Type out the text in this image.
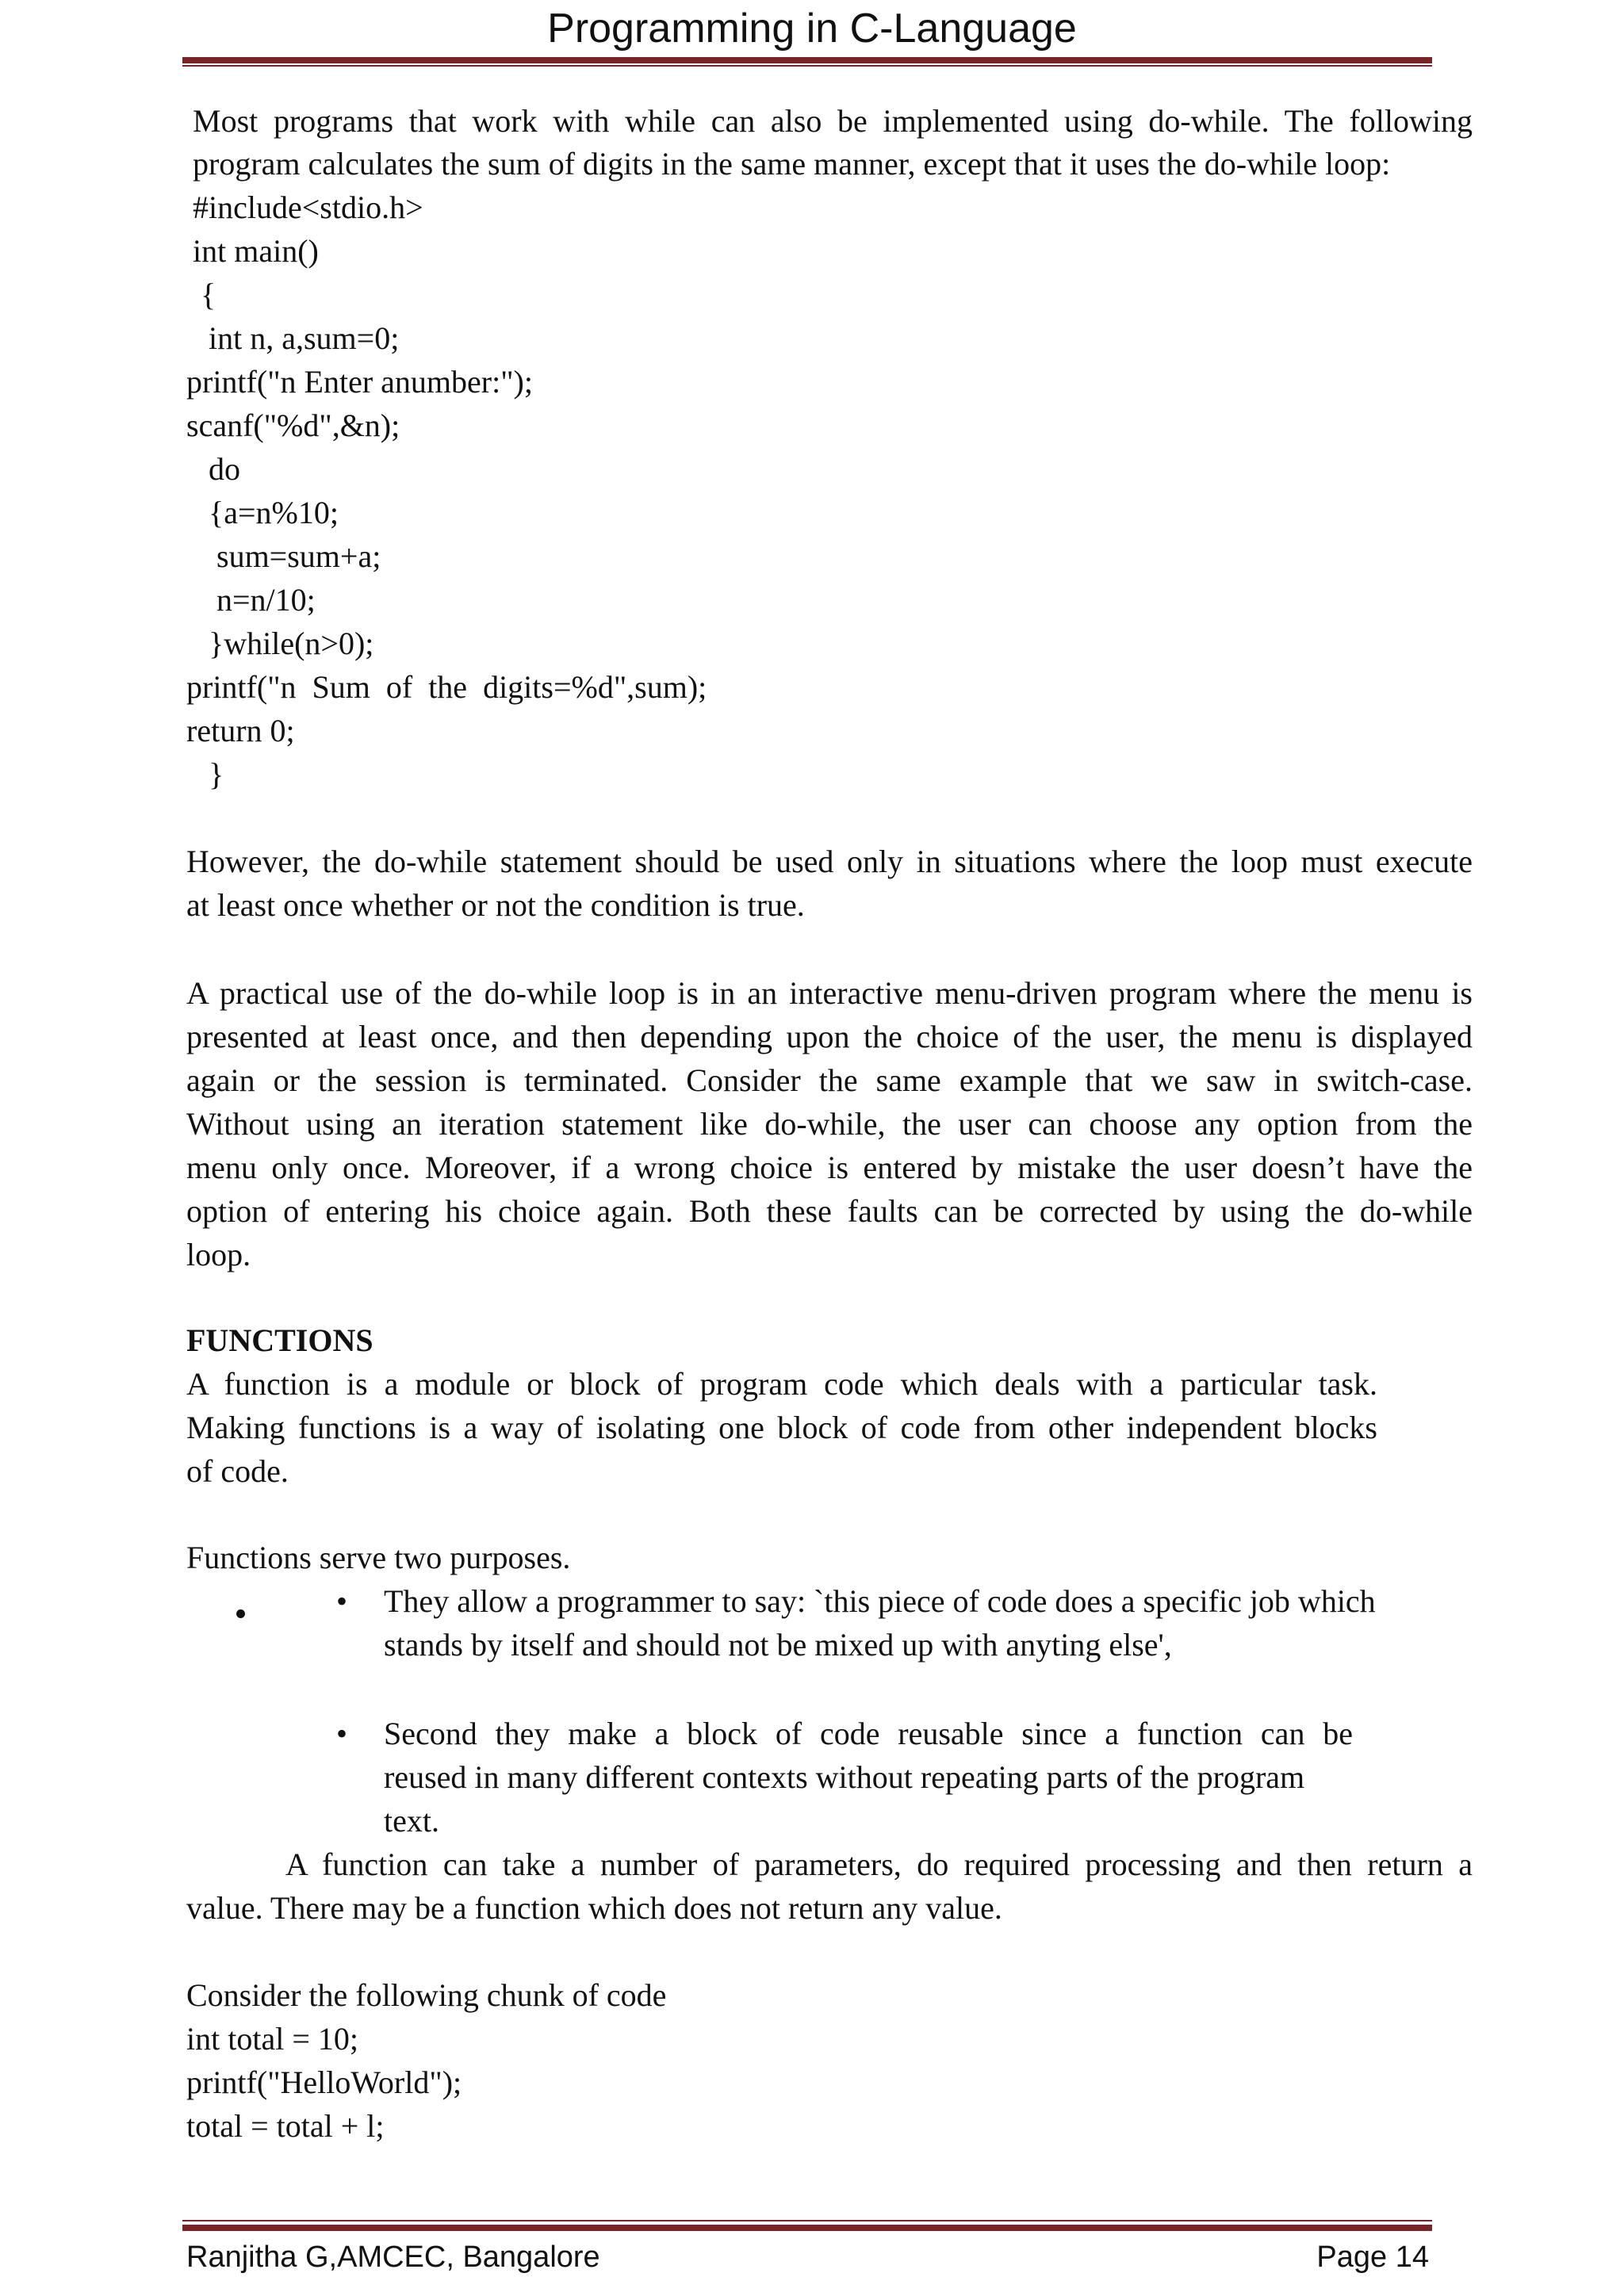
Programming in C-Language
Most programs that work with while can also be implemented using do-while. The following
program calculates the sum of digits in the same manner, except that it uses the do-while loop:
#include<stdio.h>
int main()
{
int n, a,sum=0;
printf("n Enter anumber:");
scanf("%d",&n);
do
{a=n%10;
sum=sum+a;
n=n/10;
}while(n>0);
printf("n  Sum  of  the  digits=%d",sum);
return 0;
}
However, the do-while statement should be used only in situations where the loop must execute
at least once whether or not the condition is true.
A practical use of the do-while loop is in an interactive menu-driven program where the menu is
presented at least once, and then depending upon the choice of the user, the menu is displayed
again or the session is terminated. Consider the same example that we saw in switch-case.
Without using an iteration statement like do-while, the user can choose any option from the
menu only once. Moreover, if a wrong choice is entered by mistake the user doesn’t have the
option of entering his choice again. Both these faults can be corrected by using the do-while
loop.
FUNCTIONS
A function is a module or block of program code which deals with a particular task.
Making functions is a way of isolating one block of code from other independent blocks
of code.
Functions serve two purposes.
• They allow a programmer to say: `this piece of code does a specific job which
stands by itself and should not be mixed up with anyting else',
• Second they make a block of code reusable since a function can be
reused in many different contexts without repeating parts of the program
text.
A function can take a number of parameters, do required processing and then return a
value. There may be a function which does not return any value.
Consider the following chunk of code
int total = 10;
printf("HelloWorld");
total = total + l;
Ranjitha G,AMCEC, Bangalore	Page 14
